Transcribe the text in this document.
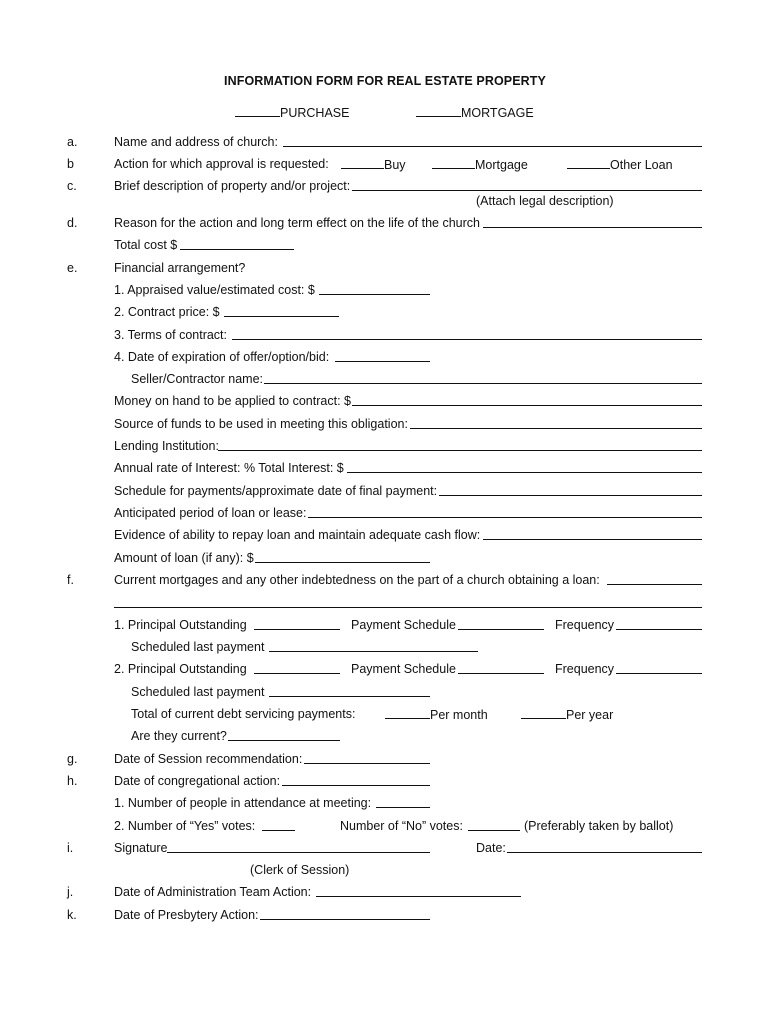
INFORMATION FORM FOR REAL ESTATE PROPERTY
PURCHASE	MORTGAGE
a.	Name and address of church:
b	Action for which approval is requested:	Buy	Mortgage	Other Loan
c.	Brief description of property and/or project:
(Attach legal description)
d.	Reason for the action and long term effect on the life of the church
Total cost $
e.	Financial arrangement?
1. Appraised value/estimated cost: $
2. Contract price: $
3. Terms of contract:
4. Date of expiration of offer/option/bid:
Seller/Contractor name:
Money on hand to be applied to contract: $
Source of funds to be used in meeting this obligation:
Lending Institution:
Annual rate of Interest: % Total Interest: $
Schedule for payments/approximate date of final payment:
Anticipated period of loan or lease:
Evidence of ability to repay loan and maintain adequate cash flow:
Amount of loan (if any): $
f.	Current mortgages and any other indebtedness on the part of a church obtaining a loan:
1. Principal Outstanding	Payment Schedule	Frequency
Scheduled last payment
2. Principal Outstanding	Payment Schedule	Frequency
Scheduled last payment
Total of current debt servicing payments:	Per month	Per year
Are they current?
g.	Date of Session recommendation:
h.	Date of congregational action:
1. Number of people in attendance at meeting:
2. Number of “Yes” votes:	Number of “No” votes:	(Preferably taken by ballot)
i.	Signature	Date:
(Clerk of Session)
j.	Date of Administration Team Action:
k.	Date of Presbytery Action:
